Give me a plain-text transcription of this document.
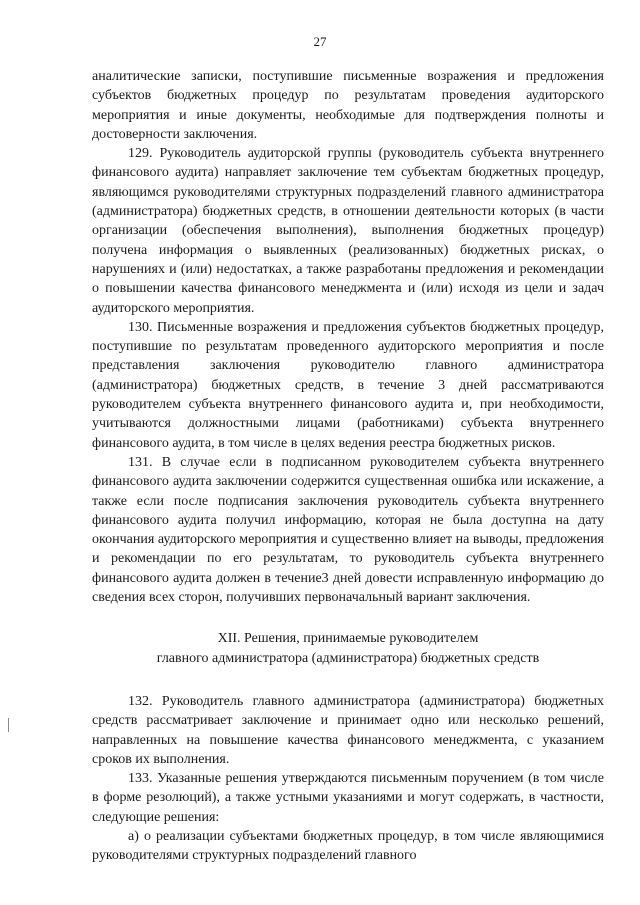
27

аналитические записки, поступившие письменные возражения и предложения субъектов бюджетных процедур по результатам проведения аудиторского мероприятия и иные документы, необходимые для подтверждения полноты и достоверности заключения.

129. Руководитель аудиторской группы (руководитель субъекта внутреннего финансового аудита) направляет заключение тем субъектам бюджетных процедур, являющимся руководителями структурных подразделений главного администратора (администратора) бюджетных средств, в отношении деятельности которых (в части организации (обеспечения выполнения), выполнения бюджетных процедур) получена информация о выявленных (реализованных) бюджетных рисках, о нарушениях и (или) недостатках, а также разработаны предложения и рекомендации о повышении качества финансового менеджмента и (или) исходя из цели и задач аудиторского мероприятия.

130. Письменные возражения и предложения субъектов бюджетных процедур, поступившие по результатам проведенного аудиторского мероприятия и после представления заключения руководителю главного администратора (администратора) бюджетных средств, в течение 3 дней рассматриваются руководителем субъекта внутреннего финансового аудита и, при необходимости, учитываются должностными лицами (работниками) субъекта внутреннего финансового аудита, в том числе в целях ведения реестра бюджетных рисков.

131. В случае если в подписанном руководителем субъекта внутреннего финансового аудита заключении содержится существенная ошибка или искажение, а также если после подписания заключения руководитель субъекта внутреннего финансового аудита получил информацию, которая не была доступна на дату окончания аудиторского мероприятия и существенно влияет на выводы, предложения и рекомендации по его результатам, то руководитель субъекта внутреннего финансового аудита должен в течение3 дней довести исправленную информацию до сведения всех сторон, получивших первоначальный вариант заключения.

XII. Решения, принимаемые руководителем
главного администратора (администратора) бюджетных средств

132. Руководитель главного администратора (администратора) бюджетных средств рассматривает заключение и принимает одно или несколько решений, направленных на повышение качества финансового менеджмента, с указанием сроков их выполнения.

133. Указанные решения утверждаются письменным поручением (в том числе в форме резолюций), а также устными указаниями и могут содержать, в частности, следующие решения:

а) о реализации субъектами бюджетных процедур, в том числе являющимися руководителями структурных подразделений главного
